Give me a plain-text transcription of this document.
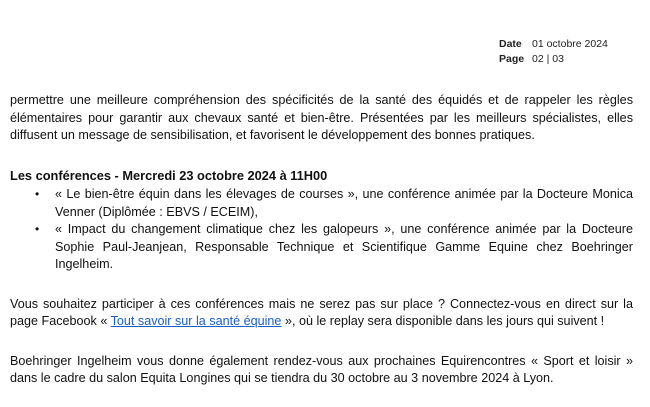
Date 01 octobre 2024
Page 02 | 03

permettre une meilleure compréhension des spécificités de la santé des équidés et de rappeler les règles élémentaires pour garantir aux chevaux santé et bien-être. Présentées par les meilleurs spécialistes, elles diffusent un message de sensibilisation, et favorisent le développement des bonnes pratiques.

Les conférences - Mercredi 23 octobre 2024 à 11H00
• « Le bien-être équin dans les élevages de courses », une conférence animée par la Docteure Monica Venner (Diplômée : EBVS / ECEIM),
• « Impact du changement climatique chez les galopeurs », une conférence animée par la Docteure Sophie Paul-Jeanjean, Responsable Technique et Scientifique Gamme Equine chez Boehringer Ingelheim.

Vous souhaitez participer à ces conférences mais ne serez pas sur place ? Connectez-vous en direct sur la page Facebook « Tout savoir sur la santé équine », où le replay sera disponible dans les jours qui suivent !

Boehringer Ingelheim vous donne également rendez-vous aux prochaines Equirencontres « Sport et loisir » dans le cadre du salon Equita Longines qui se tiendra du 30 octobre au 3 novembre 2024 à Lyon.
